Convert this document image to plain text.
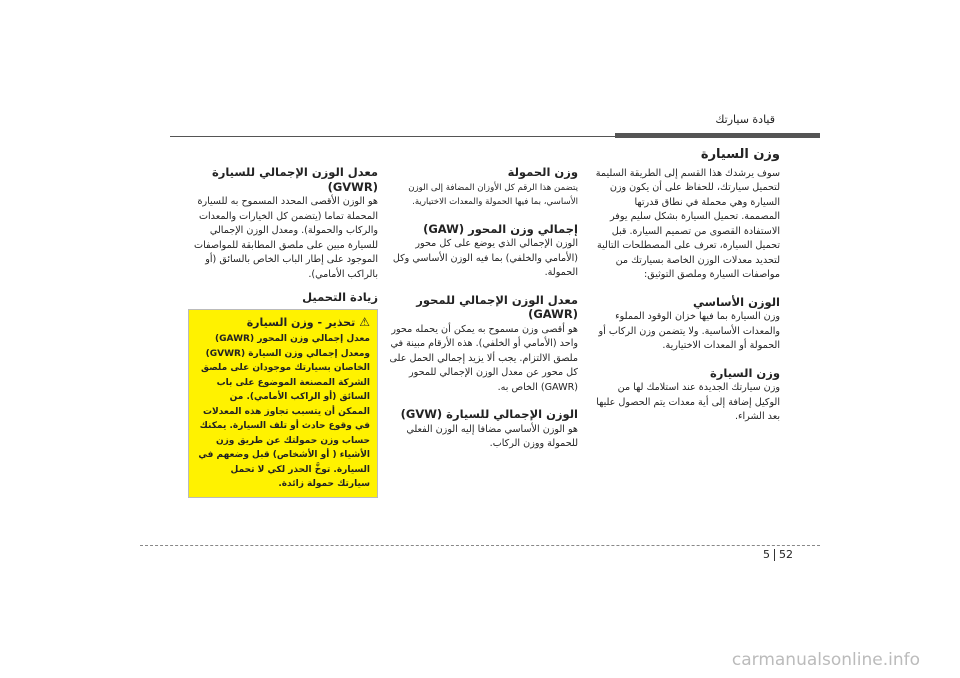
قيادة سيارتك
وزن السيارة

سوف يرشدك هذا القسم إلى الطريقة السليمة لتحميل سيارتك، للحفاظ على أن يكون وزن السيارة وهي محملة في نطاق قدرتها المصممة. تحميل السيارة بشكل سليم يوفر الاستفادة القصوى من تصميم السيارة. قبل تحميل السيارة، تعرف على المصطلحات التالية لتحديد معدلات الوزن الخاصة بسيارتك من مواصفات السيارة وملصق التوثيق:

الوزن الأساسي

وزن السيارة بما فيها خزان الوقود المملوء والمعدات الأساسية. ولا يتضمن وزن الركاب أو الحمولة أو المعدات الاختيارية.

وزن السيارة

وزن سيارتك الجديدة عند استلامك لها من الوكيل إضافة إلى أية معدات يتم الحصول عليها بعد الشراء.

وزن الحمولة

يتضمن هذا الرقم كل الأوزان المضافة إلى الوزن الأساسي، بما فيها الحمولة والمعدات الاختيارية.

إجمالي وزن المحور (GAW)

الوزن الإجمالي الذي يوضع على كل محور (الأمامي والخلفي) بما فيه الوزن الأساسي وكل الحمولة.

معدل الوزن الإجمالي للمحور (GAWR)

هو أقصى وزن مسموح به يمكن أن يحمله محور واحد (الأمامي أو الخلفي). هذه الأرقام مبينة في ملصق الالتزام. يجب ألا يزيد إجمالي الحمل على كل محور عن معدل الوزن الإجمالي للمحور (GAWR) الخاص به.

الوزن الإجمالي للسيارة (GVW)

هو الوزن الأساسي مضافا إليه الوزن الفعلي للحمولة ووزن الركاب.

معدل الوزن الإجمالي للسيارة (GVWR)

هو الوزن الأقصى المحدد المسموح به للسيارة المحملة تماما (يتضمن كل الخيارات والمعدات والركاب والحمولة). ومعدل الوزن الإجمالي للسيارة مبين على ملصق المطابقة للمواصفات الموجود على إطار الباب الخاص بالسائق (أو بالراكب الأمامي).

زيادة التحميل
⚠تحذير - وزن السيارة
معدل إجمالي وزن المحور (GAWR) ومعدل إجمالي وزن السيارة (GVWR) الخاصان بسيارتك موجودان على ملصق الشركة المصنعة الموضوع على باب السائق (أو الراكب الأمامي). من الممكن أن يتسبب تجاوز هذه المعدلات في وقوع حادث أو تلف السيارة. يمكنك حساب وزن حمولتك عن طريق وزن الأشياء ( أو الأشخاص) قبل وضعهم في السيارة. توخَّ الحذر لكي لا تحمل سيارتك حمولة زائدة.
5 52
carmanualsonline.info
